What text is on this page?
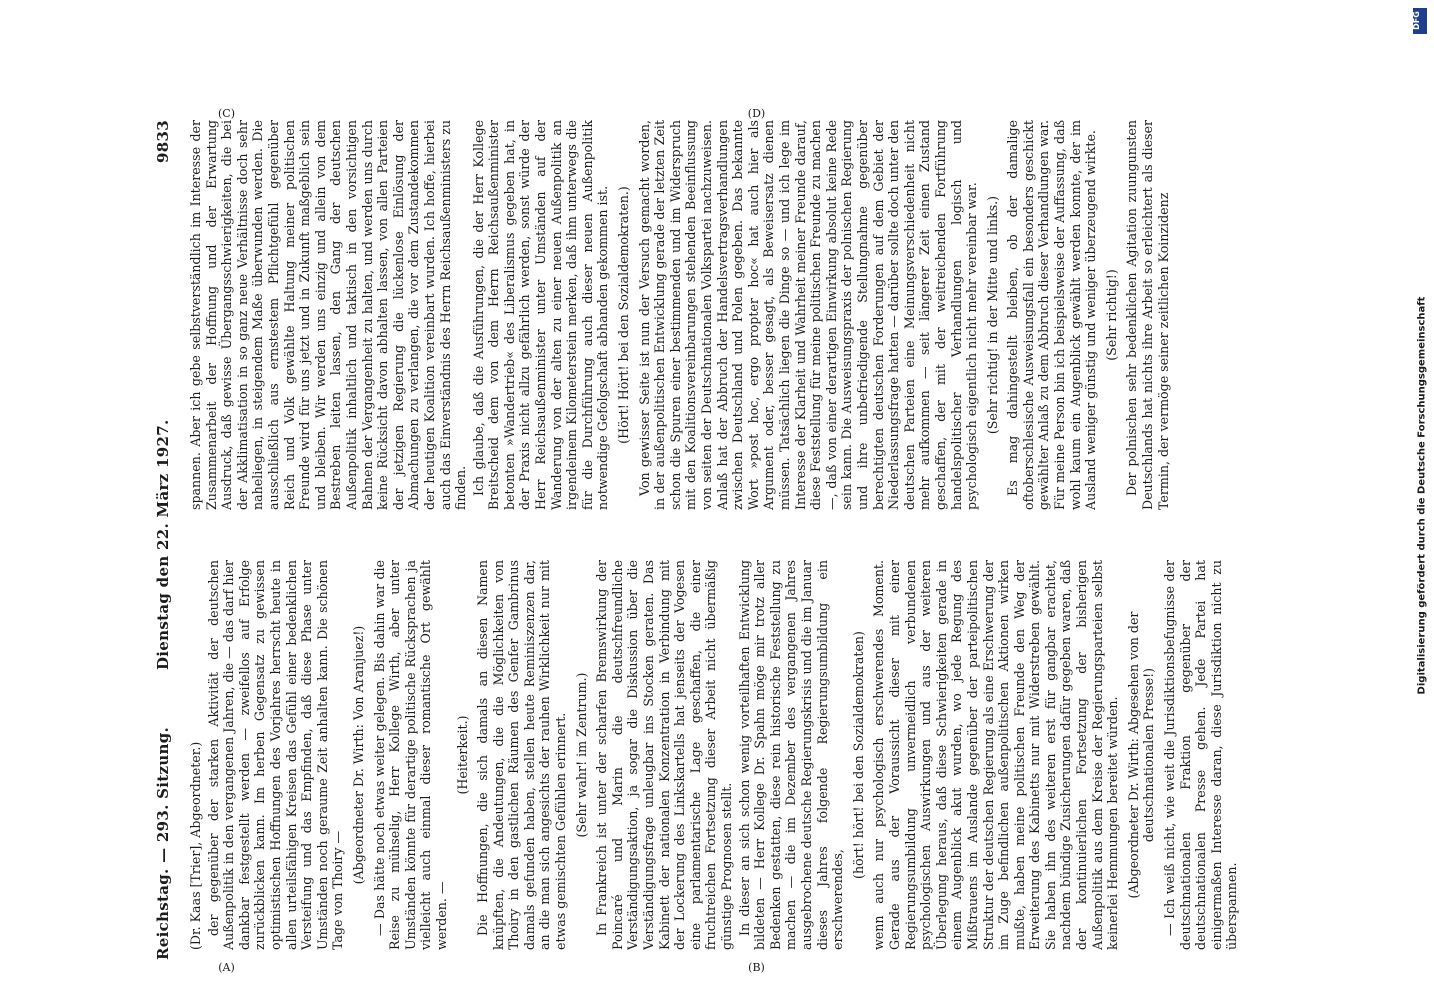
Reichstag. — 293. Sitzung.
Dienstag den 22. März 1927.
9833
(A)	(B)
(C)	(D)

(Dr. Kaas [Trier], Abgeordneter.) der gegenüber der starken Aktivität der deutschen Außenpolitik in den vergangenen Jahren, die — das darf hier dankbar festgestellt werden — zweifellos auf Erfolge zurückblicken kann. Im herben Gegensatz zu gewissen optimistischen Hoffnungen des Vorjahres herrscht heute in allen urteilsfähigen Kreisen das Gefühl einer bedenklichen Versteifung und das Empfinden, daß diese Phase unter Umständen noch geraume Zeit anhalten kann. Die schönen Tage von Thoiry —

(Abgeordneter Dr. Wirth: Von Aranjuez!) — Das hätte noch etwas weiter gelegen. Bis dahin war die Reise zu mühselig, Herr Kollege Wirth, aber unter Umständen könnte für derartige politische Rücksprachen ja vielleicht auch einmal dieser romantische Ort gewählt werden. —

(Heiterkeit.) Die Hoffnungen, die sich damals an diesen Namen knüpften, die Andeutungen, die die Möglichkeiten von Thoiry in den gastlichen Räumen des Genfer Gambrinus damals gefunden haben, stellen heute Reminiszenzen dar, an die man sich angesichts der rauhen Wirklichkeit nur mit etwas gemischten Gefühlen erinnert. (Sehr wahr! im Zentrum.) In Frankreich ist unter der scharfen Bremswirkung der Poincaré und Marin die deutschfreundliche Verständigungsaktion, ja sogar die Diskussion über die Verständigungsfrage unleugbar ins Stocken geraten. Das Kabinett der nationalen Konzentration in Verbindung mit der Lockerung des Linkskartells hat jenseits der Vogesen eine parlamentarische Lage geschaffen, die einer fruchtreichen Fortsetzung dieser Arbeit nicht übermäßig günstige Prognosen stellt. In dieser an sich schon wenig vorteilhaften Entwicklung bildeten — Herr Kollege Dr. Spahn möge mir trotz aller Bedenken gestatten, diese rein historische Feststellung zu machen — die im Dezember des vergangenen Jahres ausgebrochene deutsche Regierungskrisis und die im Januar dieses Jahres folgende Regierungsumbildung ein erschwerendes,

(hört! hört! bei den Sozialdemokraten) wenn auch nur psychologisch erschwerendes Moment. Gerade aus der Voraussicht dieser mit einer Regierungsumbildung unvermeidlich verbundenen psychologischen Auswirkungen und aus der weiteren Überlegung heraus, daß diese Schwierigkeiten gerade in einem Augenblick akut wurden, wo jede Regung des Mißtrauens im Auslande gegenüber der parteipolitischen Struktur der deutschen Regierung als eine Erschwerung der im Zuge befindlichen außenpolitischen Aktionen wirken mußte, haben meine politischen Freunde den Weg der Erweiterung des Kabinetts nur mit Widerstreben gewählt. Sie haben ihn des weiteren erst für gangbar erachtet, nachdem bündige Zusicherungen dafür gegeben waren, daß der kontinuierlichen Fortsetzung der bisherigen Außenpolitik aus dem Kreise der Regierungsparteien selbst keinerlei Hemmungen bereitet würden. (Abgeordneter Dr. Wirth: Abgesehen von der deutschnationalen Presse!) — Ich weiß nicht, wie weit die Jurisdiktionsbefugnisse der deutschnationalen Fraktion gegenüber der deutschnationalen Presse gehen. Jede Partei hat einigermaßen Interesse daran, diese Jurisdiktion nicht zu überspannen.

spannen. Aber ich gebe selbstverständlich im Interesse der Zusammenarbeit der Hoffnung und der Erwartung Ausdruck, daß gewisse Übergangsschwierigkeiten, die bei der Akklimatisation in so ganz neue Verhältnisse doch sehr naheliegen, in steigendem Maße überwunden werden. Die ausschließlich aus ernstestem Pflichtgefühl gegenüber Reich und Volk gewählte Haltung meiner politischen Freunde wird für uns jetzt und in Zukunft maßgeblich sein und bleiben. Wir werden uns einzig und allein von dem Bestreben leiten lassen, den Gang der deutschen Außenpolitik inhaltlich und taktisch in den vorsichtigen Bahnen der Vergangenheit zu halten, und werden uns durch keine Rücksicht davon abhalten lassen, von allen Parteien der jetzigen Regierung die lückenlose Einlösung der Abmachungen zu verlangen, die vor dem Zustandekommen der heutigen Koalition vereinbart wurden. Ich hoffe, hierbei auch das Einverständnis des Herrn Reichsaußenministers zu finden. Ich glaube, daß die Ausführungen, die der Herr Kollege Breitscheid dem von dem Herrn Reichsaußenminister betonten »Wandertrieb« des Liberalismus gegeben hat, in der Praxis nicht allzu gefährlich werden, sonst würde der Herr Reichsaußenminister unter Umständen auf der Wanderung von der alten zu einer neuen Außenpolitik an irgendeinem Kilometerstein merken, daß ihm unterwegs die für die Durchführung auch dieser neuen Außenpolitik notwendige Gefolgschaft abhanden gekommen ist. (Hört! Hört! bei den Sozialdemokraten.) Von gewisser Seite ist nun der Versuch gemacht worden, in der außenpolitischen Entwicklung gerade der letzten Zeit schon die Spuren einer bestimmenden und im Widerspruch mit den Koalitionsvereinbarungen stehenden Beeinflussung von seiten der Deutschnationalen Volkspartei nachzuweisen. Anlaß hat der Abbruch der Handelsvertragsverhandlungen zwischen Deutschland und Polen gegeben. Das bekannte Wort »post hoc, ergo propter hoc« hat auch hier als Argument oder, besser gesagt, als Beweisersatz dienen müssen. Tatsächlich liegen die Dinge so — und ich lege im Interesse der Klarheit und Wahrheit meiner Freunde darauf, diese Feststellung für meine politischen Freunde zu machen —, daß von einer derartigen Einwirkung absolut keine Rede sein kann. Die Ausweisungspraxis der polnischen Regierung und ihre unbefriedigende Stellungnahme gegenüber berechtigten deutschen Forderungen auf dem Gebiet der Niederlassungsfrage hatten — darüber sollte doch unter den deutschen Parteien eine Meinungsverschiedenheit nicht mehr aufkommen — seit längerer Zeit einen Zustand geschaffen, der mit der weitreichenden Fortführung handelspolitischer Verhandlungen logisch und psychologisch eigentlich nicht mehr vereinbar war. (Sehr richtig! in der Mitte und links.) Es mag dahingestellt bleiben, ob der damalige oftoberschlesische Ausweisungsfall ein besonders geschickt gewählter Anlaß zu dem Abbruch dieser Verhandlungen war. Für meine Person bin ich beispielsweise der Auffassung, daß wohl kaum ein Augenblick gewählt werden konnte, der im Ausland weniger günstig und weniger überzeugend wirkte. (Sehr richtig!) Der polnischen sehr bedenklichen Agitation zuungunsten Deutschlands hat nichts ihre Arbeit so erleichtert als dieser Termin, der vermöge seiner zeitlichen Koinzidenz	Digitalisierung gefördert durch die Deutsche Forschungsgemeinschaft
DFG
